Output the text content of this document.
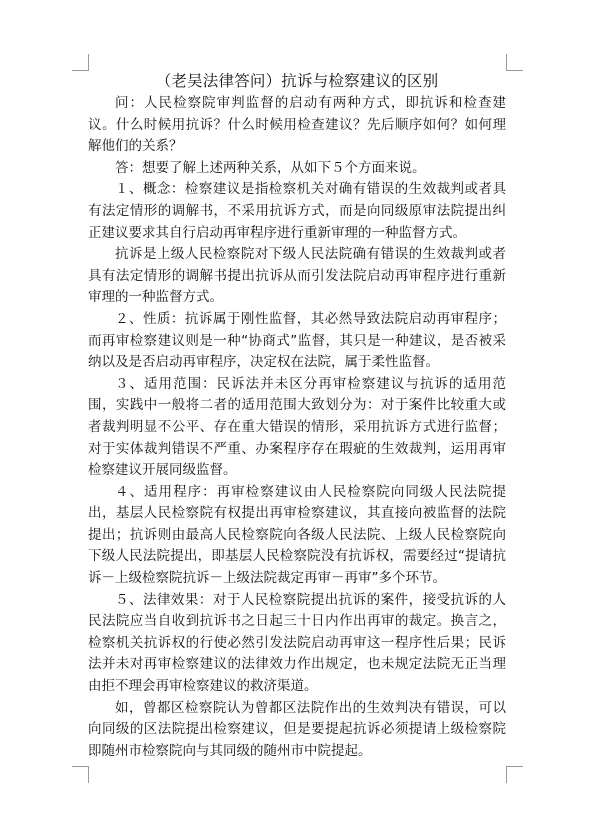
（老吴法律答问）抗诉与检察建议的区别

问：人民检察院审判监督的启动有两种方式，即抗诉和检查建议。什么时候用抗诉？什么时候用检查建议？先后顺序如何？如何理解他们的关系？

答：想要了解上述两种关系，从如下５个方面来说。

１、概念：检察建议是指检察机关对确有错误的生效裁判或者具有法定情形的调解书，不采用抗诉方式，而是向同级原审法院提出纠正建议要求其自行启动再审程序进行重新审理的一种监督方式。

抗诉是上级人民检察院对下级人民法院确有错误的生效裁判或者具有法定情形的调解书提出抗诉从而引发法院启动再审程序进行重新审理的一种监督方式。

２、性质：抗诉属于刚性监督，其必然导致法院启动再审程序；而再审检察建议则是一种“协商式”监督，其只是一种建议，是否被采纳以及是否启动再审程序，决定权在法院，属于柔性监督。

３、适用范围：民诉法并未区分再审检察建议与抗诉的适用范围，实践中一般将二者的适用范围大致划分为：对于案件比较重大或者裁判明显不公平、存在重大错误的情形，采用抗诉方式进行监督；对于实体裁判错误不严重、办案程序存在瑕疵的生效裁判，运用再审检察建议开展同级监督。

４、适用程序：再审检察建议由人民检察院向同级人民法院提出，基层人民检察院有权提出再审检察建议，其直接向被监督的法院提出；抗诉则由最高人民检察院向各级人民法院、上级人民检察院向下级人民法院提出，即基层人民检察院没有抗诉权，需要经过“提请抗诉－上级检察院抗诉－上级法院裁定再审－再审”多个环节。

５、法律效果：对于人民检察院提出抗诉的案件，接受抗诉的人民法院应当自收到抗诉书之日起三十日内作出再审的裁定。换言之，检察机关抗诉权的行使必然引发法院启动再审这一程序性后果；民诉法并未对再审检察建议的法律效力作出规定，也未规定法院无正当理由拒不理会再审检察建议的救济渠道。

如，曾都区检察院认为曾都区法院作出的生效判决有错误，可以向同级的区法院提出检察建议，但是要提起抗诉必须提请上级检察院即随州市检察院向与其同级的随州市中院提起。
